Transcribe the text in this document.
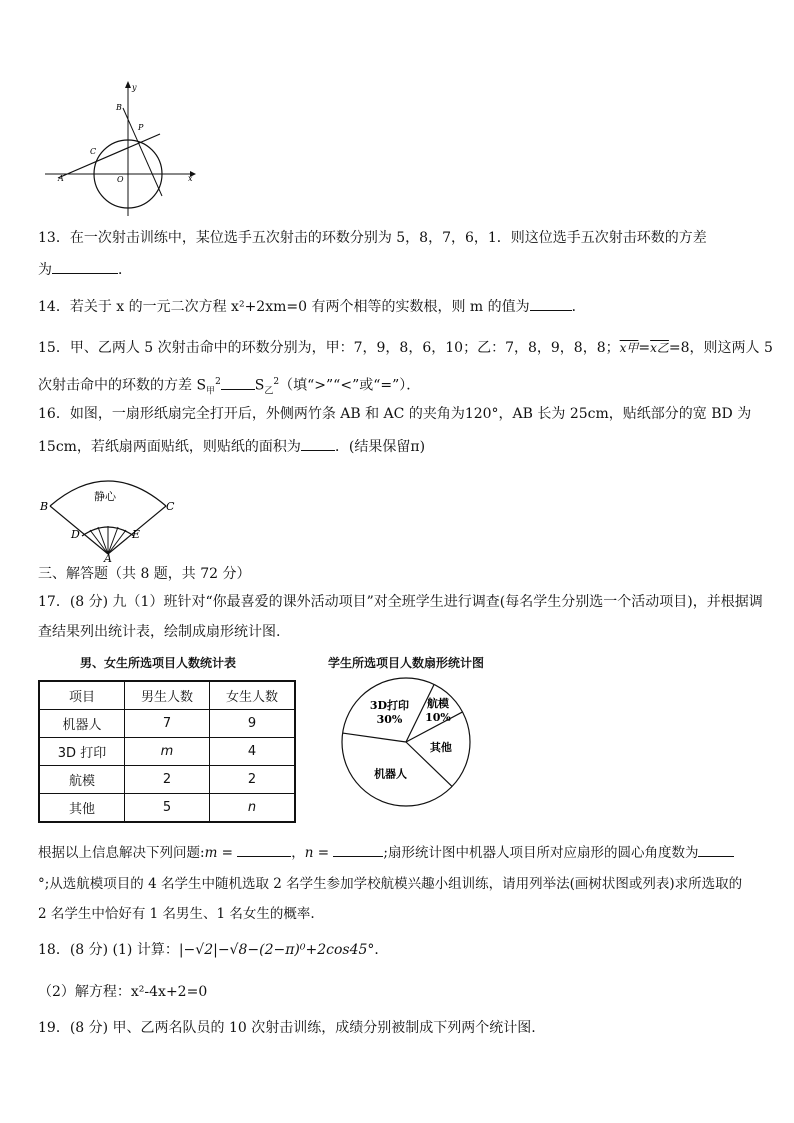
y
x
B
P
C
A	O
13．在一次射击训练中，某位选手五次射击的环数分别为 5，8，7，6，1．则这位选手五次射击环数的方差
为	．
14．若关于 x 的一元二次方程 x²+2xm=0 有两个相等的实数根，则 m 的值为	．
15．甲、乙两人 5 次射击命中的环数分别为，甲：7，9，8，6，10；乙：7，8，9，8，8；x甲=x乙=8，则这两人 5
次射击命中的环数的方差 $S_甲^2$ $S_乙^2$（填“>”“<”或“=”）．
16．如图，一扇形纸扇完全打开后，外侧两竹条 AB 和 AC 的夹角为120°，AB 长为 25cm，贴纸部分的宽 BD 为
15cm，若纸扇两面贴纸，则贴纸的面积为 ．(结果保留π)
静心
B	C
D	E
A
三、解答题（共 8 题，共 72 分）
17．(8 分) 九（1）班针对“你最喜爱的课外活动项目”对全班学生进行调查(每名学生分别选一个活动项目)，并根据调
查结果列出统计表，绘制成扇形统计图.
男、女生所选项目人数统计表
项目	男生人数	女生人数
机器人	7	9
3D 打印	m	4
航模	2	2
其他	5	n
学生所选项目人数扇形统计图
3D打印
30%
航模
10%
其他
机器人
根据以上信息解决下列问题:m =	，n =	;扇形统计图中机器人项目所对应扇形的圆心角度数为
°;从选航模项目的 4 名学生中随机选取 2 名学生参加学校航模兴趣小组训练，请用列举法(画树状图或列表)求所选取的
2 名学生中恰好有 1 名男生、1 名女生的概率.
18．(8 分) (1) 计算：|−√2|−√8−(2−π)⁰+2cos45°．
（2）解方程：x²-4x+2=0
19．(8 分) 甲、乙两名队员的 10 次射击训练，成绩分别被制成下列两个统计图.
